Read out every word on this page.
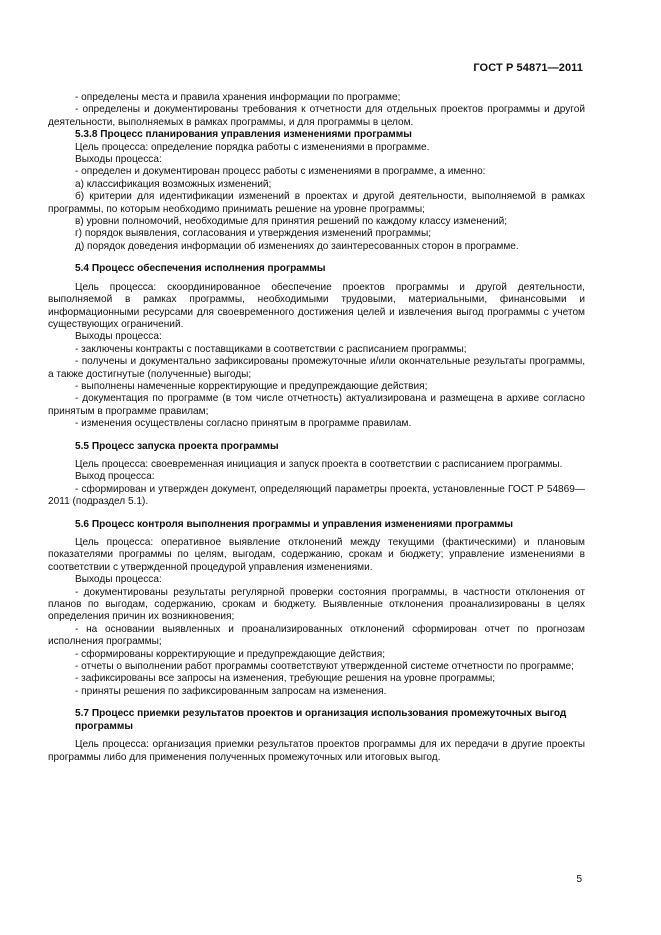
ГОСТ Р 54871—2011

- определены места и правила хранения информации по программе;

- определены и документированы требования к отчетности для отдельных проектов программы и другой деятельности, выполняемых в рамках программы, и для программы в целом.

5.3.8 Процесс планирования управления изменениями программы

Цель процесса: определение порядка работы с изменениями в программе.

Выходы процесса:

- определен и документирован процесс работы с изменениями в программе, а именно:

а) классификация возможных изменений;

б) критерии для идентификации изменений в проектах и другой деятельности, выполняемой в рамках программы, по которым необходимо принимать решение на уровне программы;

в) уровни полномочий, необходимые для принятия решений по каждому классу изменений;

г) порядок выявления, согласования и утверждения изменений программы;

д) порядок доведения информации об изменениях до заинтересованных сторон в программе.

5.4 Процесс обеспечения исполнения программы

Цель процесса: скоординированное обеспечение проектов программы и другой деятельности, выполняемой в рамках программы, необходимыми трудовыми, материальными, финансовыми и информационными ресурсами для своевременного достижения целей и извлечения выгод программы с учетом существующих ограничений.

Выходы процесса:

- заключены контракты с поставщиками в соответствии с расписанием программы;

- получены и документально зафиксированы промежуточные и/или окончательные результаты программы, а также достигнутые (полученные) выгоды;

- выполнены намеченные корректирующие и предупреждающие действия;

- документация по программе (в том числе отчетность) актуализирована и размещена в архиве согласно принятым в программе правилам;

- изменения осуществлены согласно принятым в программе правилам.

5.5 Процесс запуска проекта программы

Цель процесса: своевременная инициация и запуск проекта в соответствии с расписанием программы.

Выход процесса:

- сформирован и утвержден документ, определяющий параметры проекта, установленные ГОСТ Р 54869—2011 (подраздел 5.1).

5.6 Процесс контроля выполнения программы и управления изменениями программы

Цель процесса: оперативное выявление отклонений между текущими (фактическими) и плановым показателями программы по целям, выгодам, содержанию, срокам и бюджету; управление изменениями в соответствии с утвержденной процедурой управления изменениями.

Выходы процесса:

- документированы результаты регулярной проверки состояния программы, в частности отклонения от планов по выгодам, содержанию, срокам и бюджету. Выявленные отклонения проанализированы в целях определения причин их возникновения;

- на основании выявленных и проанализированных отклонений сформирован отчет по прогнозам исполнения программы;

- сформированы корректирующие и предупреждающие действия;

- отчеты о выполнении работ программы соответствуют утвержденной системе отчетности по программе;

- зафиксированы все запросы на изменения, требующие решения на уровне программы;

- приняты решения по зафиксированным запросам на изменения.

5.7 Процесс приемки результатов проектов и организация использования промежуточных выгод программы

Цель процесса: организация приемки результатов проектов программы для их передачи в другие проекты программы либо для применения полученных промежуточных или итоговых выгод.

5
